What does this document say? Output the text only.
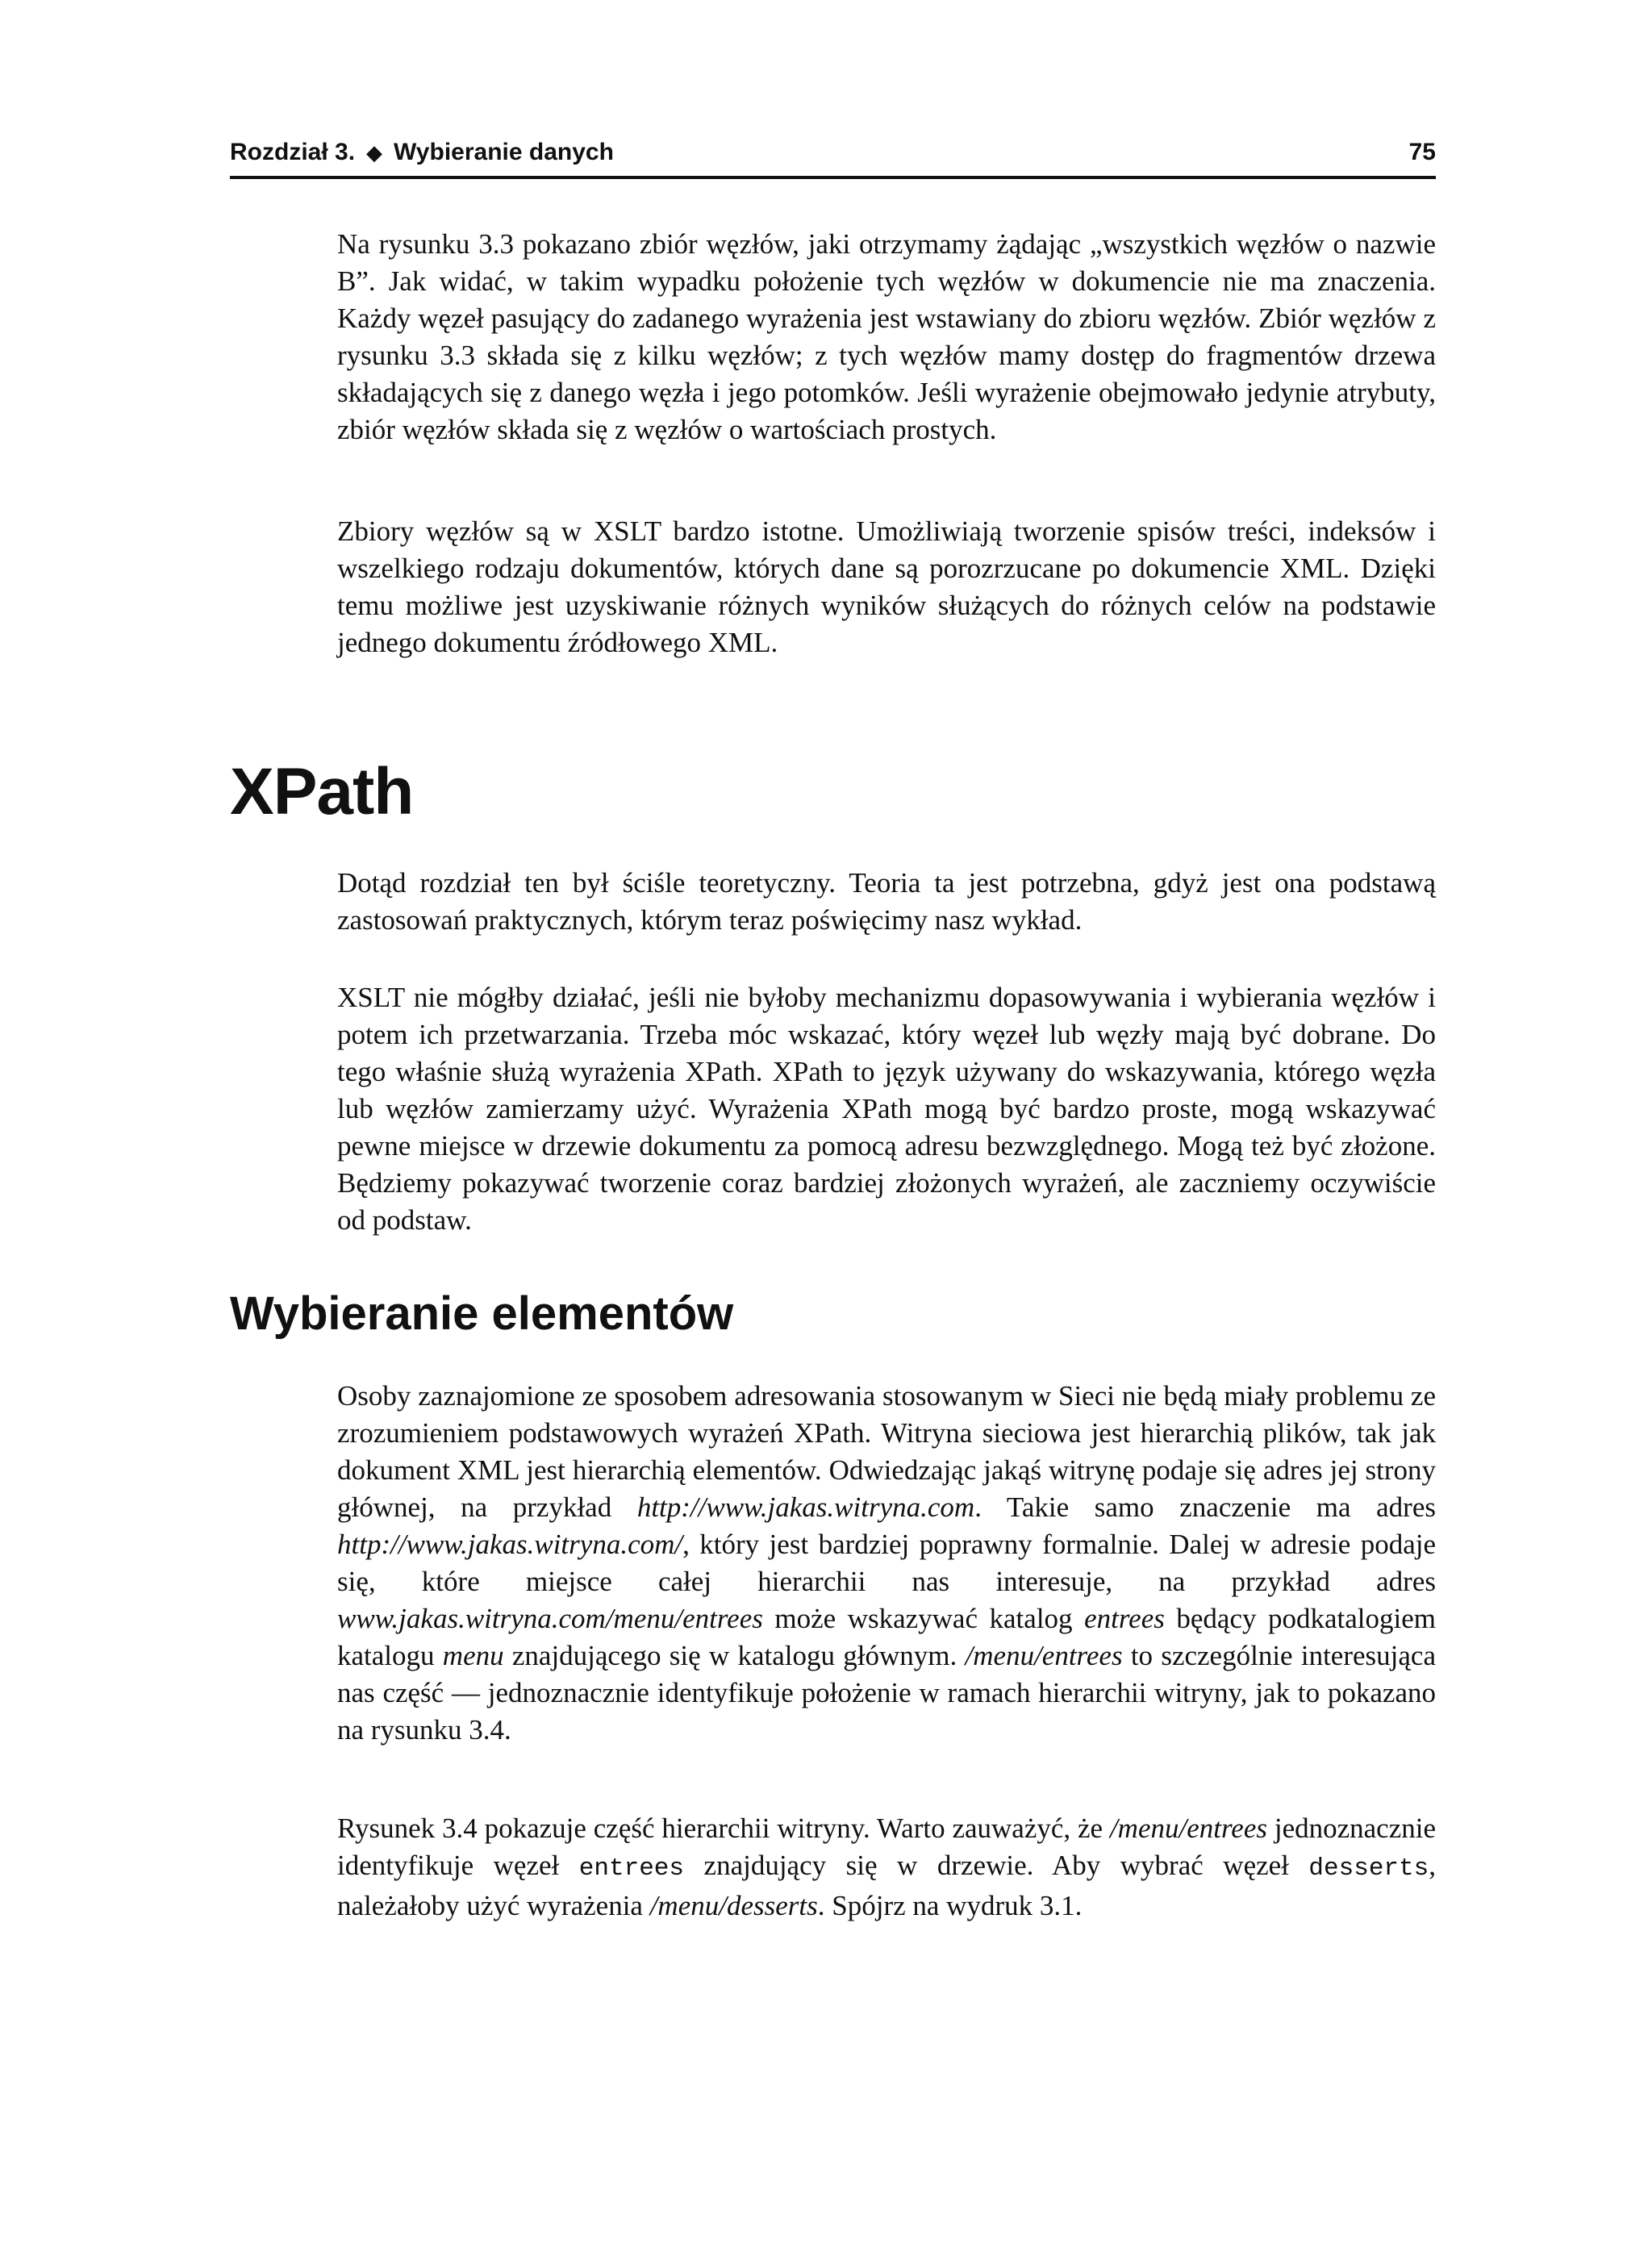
Rozdział 3. ◆ Wybieranie danych	75

Na rysunku 3.3 pokazano zbiór węzłów, jaki otrzymamy żądając „wszystkich węzłów o nazwie B”. Jak widać, w takim wypadku położenie tych węzłów w dokumencie nie ma znaczenia. Każdy węzeł pasujący do zadanego wyrażenia jest wstawiany do zbioru węzłów. Zbiór węzłów z rysunku 3.3 składa się z kilku węzłów; z tych węzłów mamy dostęp do fragmentów drzewa składających się z danego węzła i jego potomków. Jeśli wyrażenie obejmowało jedynie atrybuty, zbiór węzłów składa się z węzłów o wartościach prostych.

Zbiory węzłów są w XSLT bardzo istotne. Umożliwiają tworzenie spisów treści, indeksów i wszelkiego rodzaju dokumentów, których dane są porozrzucane po dokumencie XML. Dzięki temu możliwe jest uzyskiwanie różnych wyników służących do różnych celów na podstawie jednego dokumentu źródłowego XML.

XPath

Dotąd rozdział ten był ściśle teoretyczny. Teoria ta jest potrzebna, gdyż jest ona podstawą zastosowań praktycznych, którym teraz poświęcimy nasz wykład.

XSLT nie mógłby działać, jeśli nie byłoby mechanizmu dopasowywania i wybierania węzłów i potem ich przetwarzania. Trzeba móc wskazać, który węzeł lub węzły mają być dobrane. Do tego właśnie służą wyrażenia XPath. XPath to język używany do wskazywania, którego węzła lub węzłów zamierzamy użyć. Wyrażenia XPath mogą być bardzo proste, mogą wskazywać pewne miejsce w drzewie dokumentu za pomocą adresu bezwzględnego. Mogą też być złożone. Będziemy pokazywać tworzenie coraz bardziej złożonych wyrażeń, ale zaczniemy oczywiście od podstaw.

Wybieranie elementów

Osoby zaznajomione ze sposobem adresowania stosowanym w Sieci nie będą miały problemu ze zrozumieniem podstawowych wyrażeń XPath. Witryna sieciowa jest hierarchią plików, tak jak dokument XML jest hierarchią elementów. Odwiedzając jakąś witrynę podaje się adres jej strony głównej, na przykład http://www.jakas.​witryna.com. Takie samo znaczenie ma adres http://www.jakas.witryna.com/, który jest bardziej poprawny formalnie. Dalej w adresie podaje się, które miejsce całej hierarchii nas interesuje, na przykład adres www.jakas.witryna.com/menu/entrees może wskazywać katalog entrees będący podkatalogiem katalogu menu znajdującego się w katalogu głównym. /menu/entrees to szczególnie interesująca nas część — jednoznacznie identyfikuje położenie w ramach hierarchii witryny, jak to pokazano na rysunku 3.4.

Rysunek 3.4 pokazuje część hierarchii witryny. Warto zauważyć, że /menu/entrees jednoznacznie identyfikuje węzeł entrees znajdujący się w drzewie. Aby wybrać węzeł desserts, należałoby użyć wyrażenia /menu/desserts. Spójrz na wydruk 3.1.
